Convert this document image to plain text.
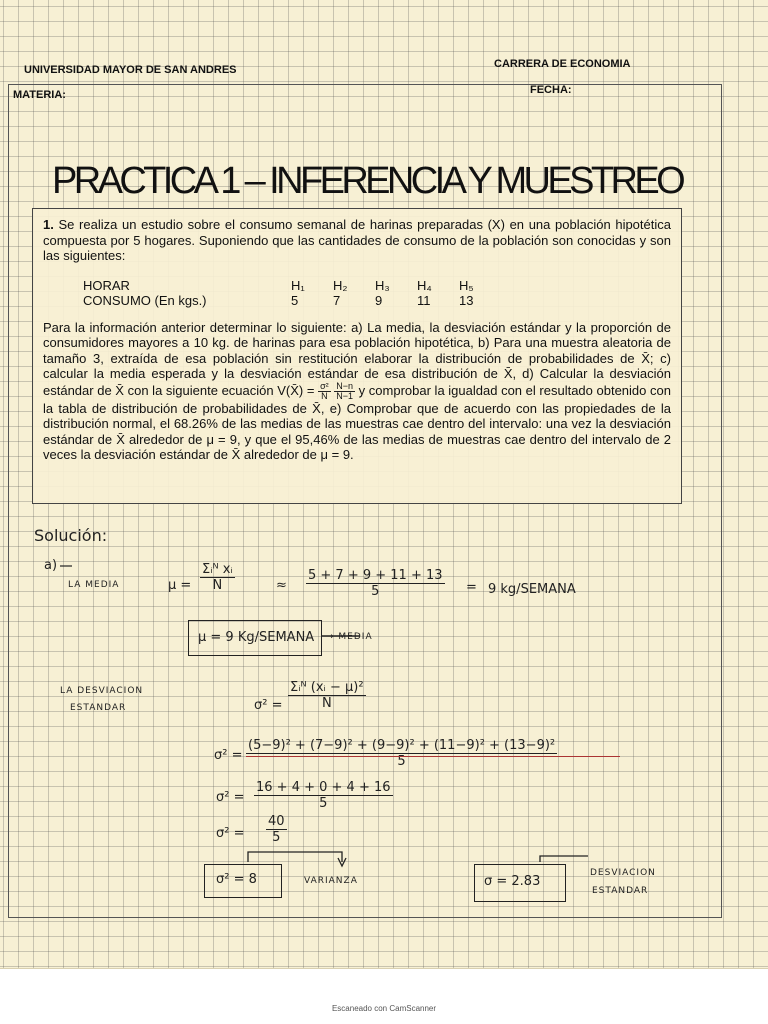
UNIVERSIDAD MAYOR DE SAN ANDRES	CARRERA DE ECONOMIA
MATERIA:	FECHA:
PRACTICA 1 – INFERENCIA Y MUESTREO

1. Se realiza un estudio sobre el consumo semanal de harinas preparadas (X) en una población hipotética compuesta por 5 hogares. Suponiendo que las cantidades de consumo de la población son conocidas y son las siguientes:

HORAR	H₁	H₂	H₃	H₄	H₅
CONSUMO (En kgs.)	5	7	9	11	13

Para la información anterior determinar lo siguiente: a) La media, la desviación estándar y la proporción de consumidores mayores a 10 kg. de harinas para esa población hipotética, b) Para una muestra aleatoria de tamaño 3, extraída de esa población sin restitución elaborar la distribución de probabilidades de X̄; c) calcular la media esperada y la desviación estándar de esa distribución de X̄, d) Calcular la desviación estándar de X̄ con la siguiente ecuación V(X̄) = $\frac{\text{σ²}}{N}$
$\frac{N-n}{N-1}$ y comprobar la igualdad con el resultado obtenido con la tabla de distribución de probabilidades de X̄, e) Comprobar que de acuerdo con las propiedades de la distribución normal, el 68.26% de las medias de las muestras cae dentro del intervalo: una vez la desviación estándar de X̄ alrededor de μ = 9, y que el 95,46% de las medias de muestras cae dentro del intervalo de 2 veces la desviación estándar de X̄ alrededor de μ = 9.

Solución:
a)
LA MEDIA	μ =
Σᵢᴺ xᵢ
N	≈ $\frac{5 + 7 + 9 + 11 + 13}{5} = 9$ kg/SEMANA
μ = 9 Kg/SEMANA → MEDIA
LA DESVIACION
ESTANDAR	σ² =
Σᵢᴺ (xᵢ − μ)²
N
$\sigma^2 = \frac{\text{(5−9)² + (7−9)² + (9−9)² + (11−9)² + (13−9)²}}{5}$
$\sigma^2 = \frac{16 + 4 + 0 + 4 + 16}{5}$
$\sigma^2 = \frac{40}{5}$
σ² = 8	VARIANZA	σ = 2.83
DESVIACION
ESTANDAR
Escaneado con CamScanner
